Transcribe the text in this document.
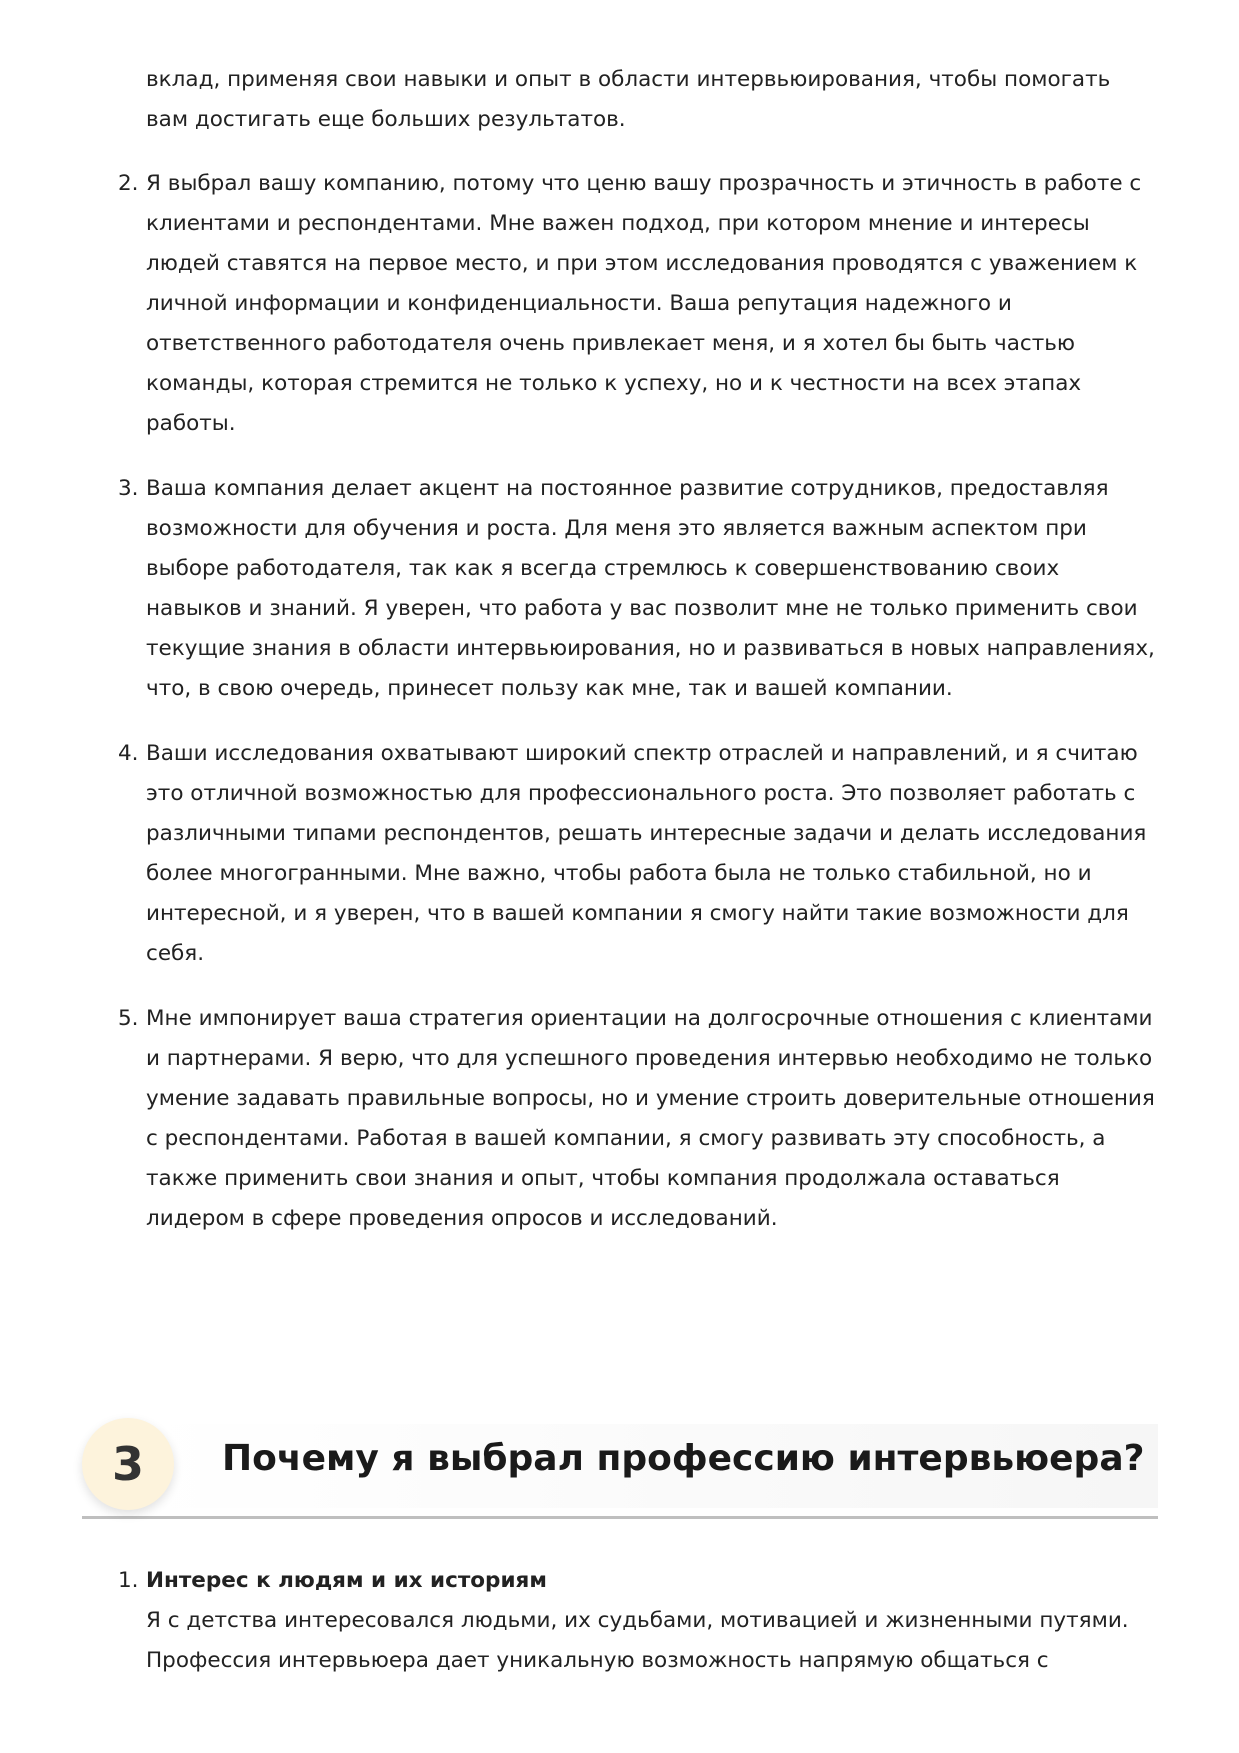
вклад, применяя свои навыки и опыт в области интервьюирования, чтобы помогать вам достигать еще больших результатов.

2. Я выбрал вашу компанию, потому что ценю вашу прозрачность и этичность в работе с клиентами и респондентами. Мне важен подход, при котором мнение и интересы людей ставятся на первое место, и при этом исследования проводятся с уважением к личной информации и конфиденциальности. Ваша репутация надежного и ответственного работодателя очень привлекает меня, и я хотел бы быть частью команды, которая стремится не только к успеху, но и к честности на всех этапах работы.
3. Ваша компания делает акцент на постоянное развитие сотрудников, предоставляя возможности для обучения и роста. Для меня это является важным аспектом при выборе работодателя, так как я всегда стремлюсь к совершенствованию своих навыков и знаний. Я уверен, что работа у вас позволит мне не только применить свои текущие знания в области интервьюирования, но и развиваться в новых направлениях, что, в свою очередь, принесет пользу как мне, так и вашей компании.
4. Ваши исследования охватывают широкий спектр отраслей и направлений, и я считаю это отличной возможностью для профессионального роста. Это позволяет работать с различными типами респондентов, решать интересные задачи и делать исследования более многогранными. Мне важно, чтобы работа была не только стабильной, но и интересной, и я уверен, что в вашей компании я смогу найти такие возможности для себя.
5. Мне импонирует ваша стратегия ориентации на долгосрочные отношения с клиентами и партнерами. Я верю, что для успешного проведения интервью необходимо не только умение задавать правильные вопросы, но и умение строить доверительные отношения с респондентами. Работая в вашей компании, я смогу развивать эту способность, а также применить свои знания и опыт, чтобы компания продолжала оставаться лидером в сфере проведения опросов и исследований.
3	Почему я выбрал профессию интервьюера?
1. Интерес к людям и их историям
Я с детства интересовался людьми, их судьбами, мотивацией и жизненными путями. Профессия интервьюера дает уникальную возможность напрямую общаться с
